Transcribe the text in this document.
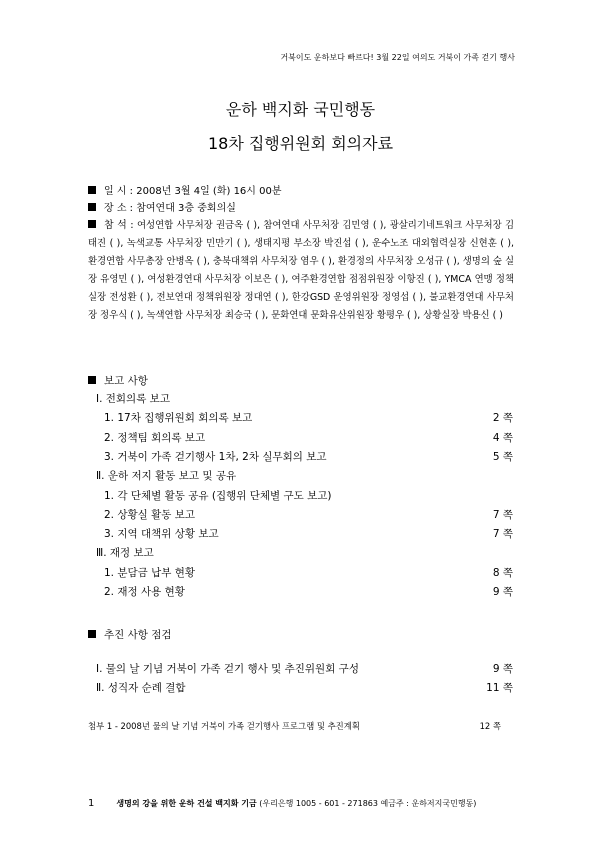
거북이도 운하보다 빠르다! 3월 22일 여의도 거북이 가족 걷기 행사
운하 백지화 국민행동
18차 집행위원회 회의자료
일 시 : 2008년 3월 4일 (화) 16시 00분
장 소 : 참여연대 3층 중회의실
참 석 : 여성연합 사무처장 권금옥 ( ), 참여연대 사무처장 김민영 ( ), 광살리기네트워크 사무처장 김태진 ( ), 녹색교통 사무처장 민만기 ( ), 생태지평 부소장 박진섭 ( ), 운수노조 대외협력실장 신현훈 ( ), 환경연합 사무총장 안병옥 ( ), 충북대책위 사무처장 염우 ( ), 환경정의 사무처장 오성규 ( ), 생명의 숲 실장 유영민 ( ), 여성환경연대 사무처장 이보은 ( ), 여주환경연합 점점위원장 이항진 ( ), YMCA 연맹 정책실장 전성환 ( ), 전보연대 정책위원장 정대연 ( ), 한강GSD 운영위원장 정영섭 ( ), 불교환경연대 사무처장 정우식 ( ), 녹색연합 사무처장 최승국 ( ), 문화연대 문화유산위원장 황평우 ( ), 상황실장 박용신 ( )
보고 사항
Ⅰ. 전회의록 보고
1. 17차 집행위원회 회의록 보고	2 쪽
2. 정책팀 회의록 보고	4 쪽
3. 거북이 가족 걷기행사 1차, 2차 실무회의 보고	5 쪽
Ⅱ. 운하 저지 활동 보고 및 공유
1. 각 단체별 활동 공유 (집행위 단체별 구도 보고)
2. 상황실 활동 보고	7 쪽
3. 지역 대책위 상황 보고	7 쪽
Ⅲ. 재정 보고
1. 분담금 납부 현황	8 쪽
2. 재정 사용 현황	9 쪽
추진 사항 점검
Ⅰ. 물의 날 기념 거북이 가족 걷기 행사 및 추진위원회 구성	9 쪽
Ⅱ. 성직자 순례 결합	11 쪽
첨부 1 - 2008년 물의 날 기념 거북이 가족 걷기행사 프로그램 및 추진계획	12 쪽
1	생명의 강을 위한 운하 건설 백지화 기금 (우리은행 1005 - 601 - 271863 예금주 : 운하저지국민행동)
